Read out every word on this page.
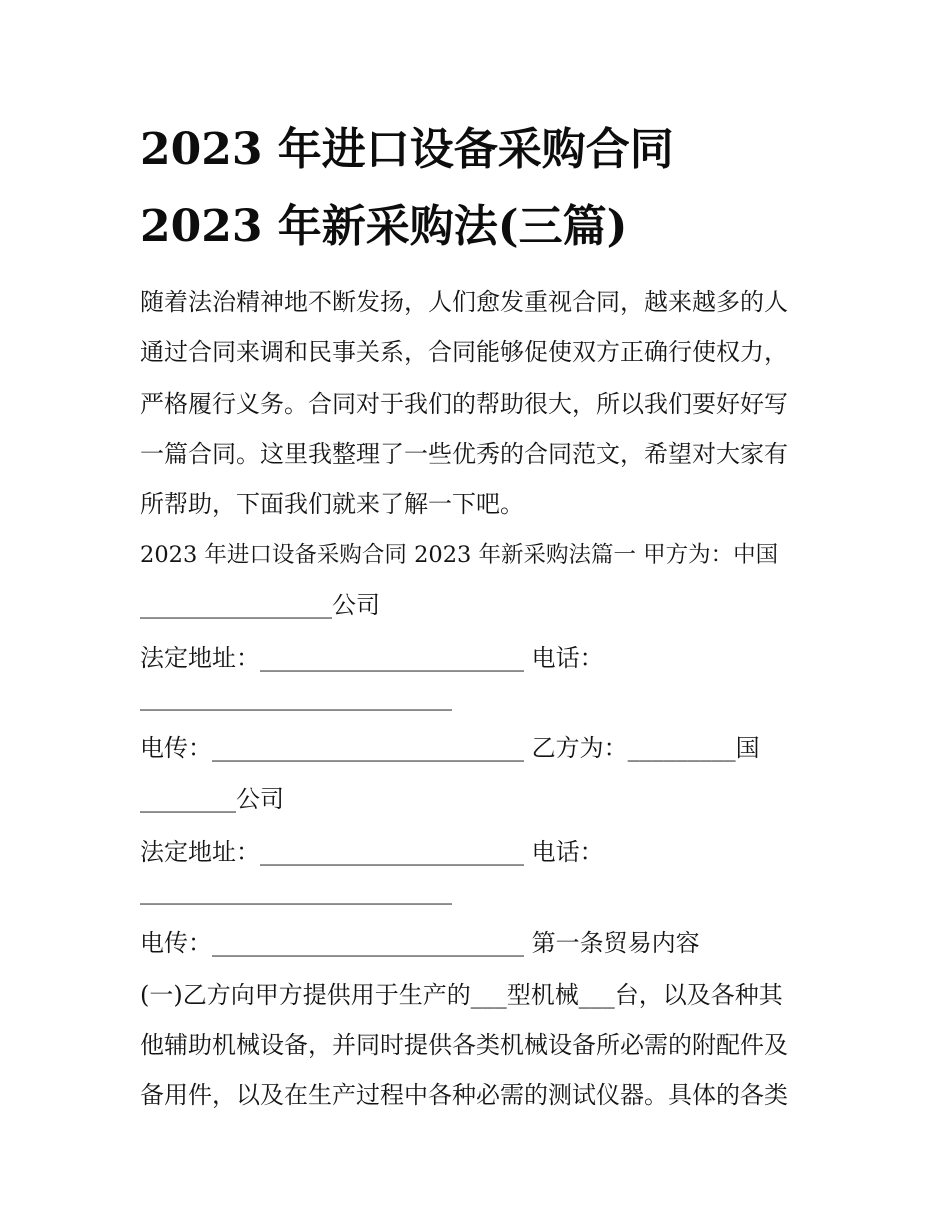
2023 年进口设备采购合同
2023 年新采购法(三篇)

随着法治精神地不断发扬，人们愈发重视合同，越来越多的人

通过合同来调和民事关系，合同能够促使双方正确行使权力，

严格履行义务。合同对于我们的帮助很大，所以我们要好好写

一篇合同。这里我整理了一些优秀的合同范文，希望对大家有

所帮助，下面我们就来了解一下吧。

2023 年进口设备采购合同 2023 年新采购法篇一 甲方为：中国

________________公司

法定地址：______________________ 电话：

__________________________

电传：__________________________ 乙方为：_________国

________公司

法定地址：______________________ 电话：

__________________________

电传：__________________________ 第一条贸易内容

(一)乙方向甲方提供用于生产的___型机械___台，以及各种其

他辅助机械设备，并同时提供各类机械设备所必需的附配件及

备用件，以及在生产过程中各种必需的测试仪器。具体的各类
